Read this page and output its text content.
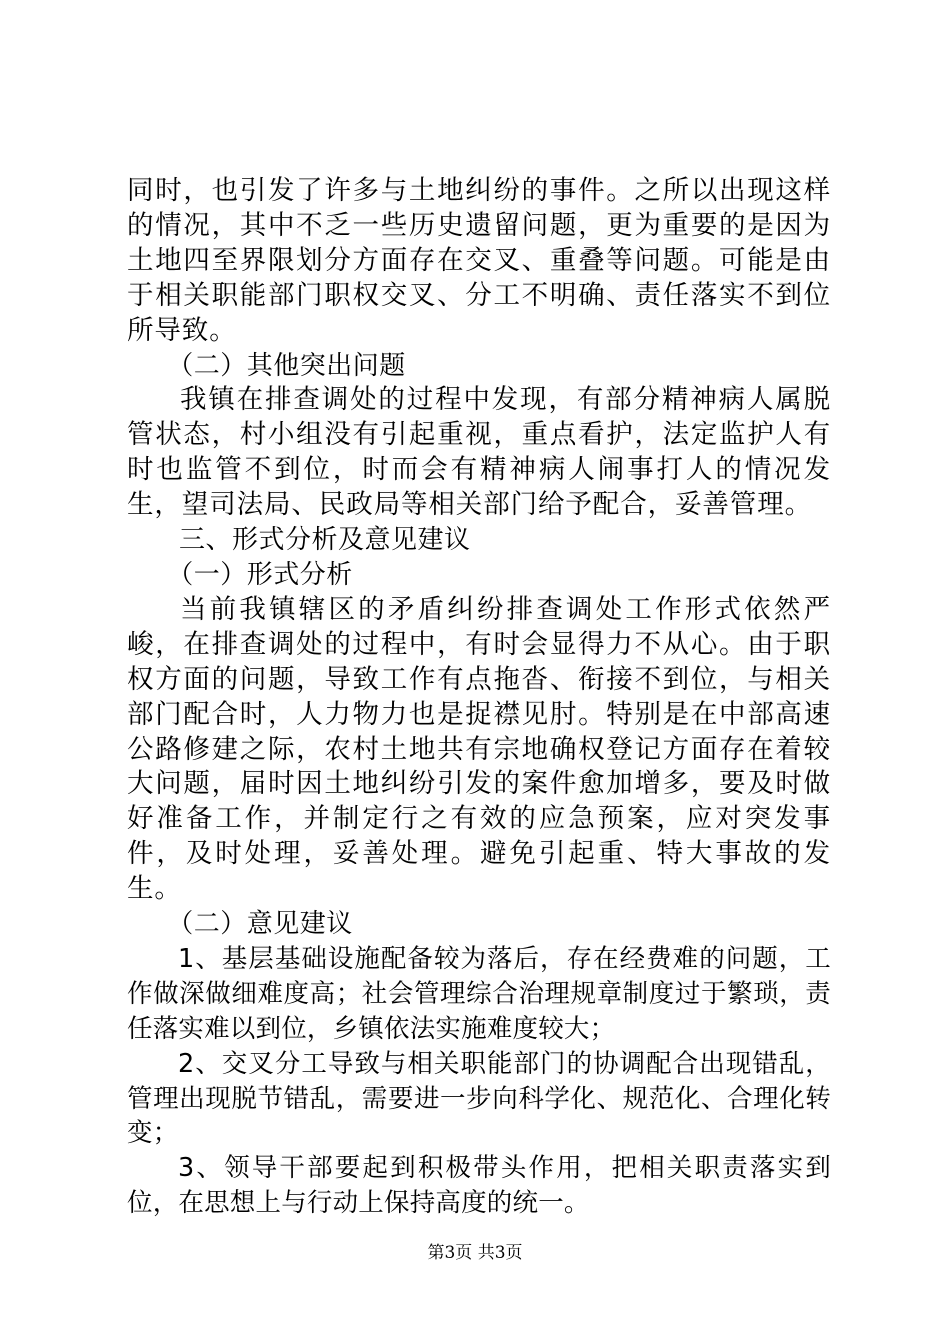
同时，也引发了许多与土地纠纷的事件。之所以出现这样的情况，其中不乏一些历史遗留问题，更为重要的是因为土地四至界限划分方面存在交叉、重叠等问题。可能是由于相关职能部门职权交叉、分工不明确、责任落实不到位所导致。

（二）其他突出问题

我镇在排查调处的过程中发现，有部分精神病人属脱管状态，村小组没有引起重视，重点看护，法定监护人有时也监管不到位，时而会有精神病人闹事打人的情况发生，望司法局、民政局等相关部门给予配合，妥善管理。

三、形式分析及意见建议

（一）形式分析

当前我镇辖区的矛盾纠纷排查调处工作形式依然严峻，在排查调处的过程中，有时会显得力不从心。由于职权方面的问题，导致工作有点拖沓、衔接不到位，与相关部门配合时，人力物力也是捉襟见肘。特别是在中部高速公路修建之际，农村土地共有宗地确权登记方面存在着较大问题，届时因土地纠纷引发的案件愈加增多，要及时做好准备工作，并制定行之有效的应急预案，应对突发事件，及时处理，妥善处理。避免引起重、特大事故的发生。

（二）意见建议

1、基层基础设施配备较为落后，存在经费难的问题，工作做深做细难度高；社会管理综合治理规章制度过于繁琐，责任落实难以到位，乡镇依法实施难度较大；

2、交叉分工导致与相关职能部门的协调配合出现错乱，管理出现脱节错乱，需要进一步向科学化、规范化、合理化转变；

3、领导干部要起到积极带头作用，把相关职责落实到位，在思想上与行动上保持高度的统一。

第3页 共3页
